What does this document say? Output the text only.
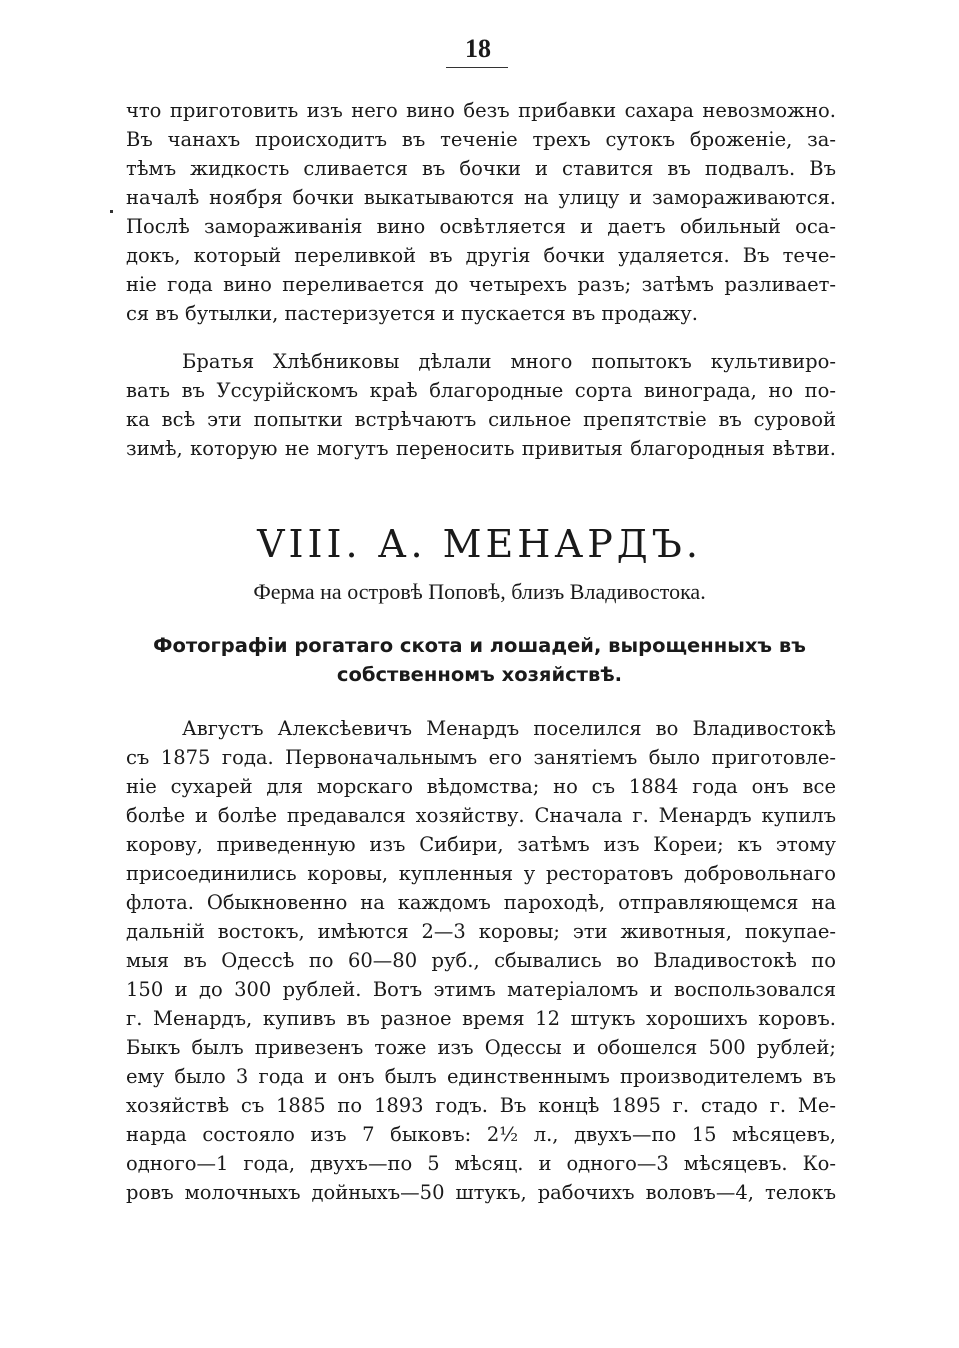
18
что приготовить изъ него вино безъ прибавки сахара невозможно.
Въ чанахъ происходитъ въ теченіе трехъ сутокъ броженіе, за-
тѣмъ жидкость сливается въ бочки и ставится въ подвалъ. Въ
началѣ ноября бочки выкатываются на улицу и замораживаются.
Послѣ замораживанія вино освѣтляется и даетъ обильный оса-
докъ, который переливкой въ другія бочки удаляется. Въ тече-
ніе года вино переливается до четырехъ разъ; затѣмъ разливает-
ся въ бутылки, пастеризуется и пускается въ продажу.
Братья Хлѣбниковы дѣлали много попытокъ культивиро-
вать въ Уссурійскомъ краѣ благородные сорта винограда, но по-
ка всѣ эти попытки встрѣчаютъ сильное препятствіе въ суровой
зимѣ, которую не могутъ переносить привитыя благородныя вѣтви.
VIII. А. МЕНАРДЪ.
Ферма на островѣ Поповѣ, близъ Владивостока.
Фотографіи рогатаго скота и лошадей, вырощенныхъ въ
собственномъ хозяйствѣ.
Августъ Алексѣевичъ Менардъ поселился во Владивостокѣ
съ 1875 года. Первоначальнымъ его занятіемъ было приготовле-
ніе сухарей для морскаго вѣдомства; но съ 1884 года онъ все
болѣе и болѣе предавался хозяйству. Сначала г. Менардъ купилъ
корову, приведенную изъ Сибири, затѣмъ изъ Кореи; къ этому
присоединились коровы, купленныя у ресторатовъ добровольнаго
флота. Обыкновенно на каждомъ пароходѣ, отправляющемся на
дальній востокъ, имѣются 2—3 коровы; эти животныя, покупае-
мыя въ Одессѣ по 60—80 руб., сбывались во Владивостокѣ по
150 и до 300 рублей. Вотъ этимъ матеріаломъ и воспользовался
г. Менардъ, купивъ въ разное время 12 штукъ хорошихъ коровъ.
Быкъ былъ привезенъ тоже изъ Одессы и обошелся 500 рублей;
ему было 3 года и онъ былъ единственнымъ производителемъ въ
хозяйствѣ съ 1885 по 1893 годъ. Въ концѣ 1895 г. стадо г. Ме-
нарда состояло изъ 7 быковъ: 2½ л., двухъ—по 15 мѣсяцевъ,
одного—1 года, двухъ—по 5 мѣсяц. и одного—3 мѣсяцевъ. Ко-
ровъ молочныхъ дойныхъ—50 штукъ, рабочихъ воловъ—4, телокъ
